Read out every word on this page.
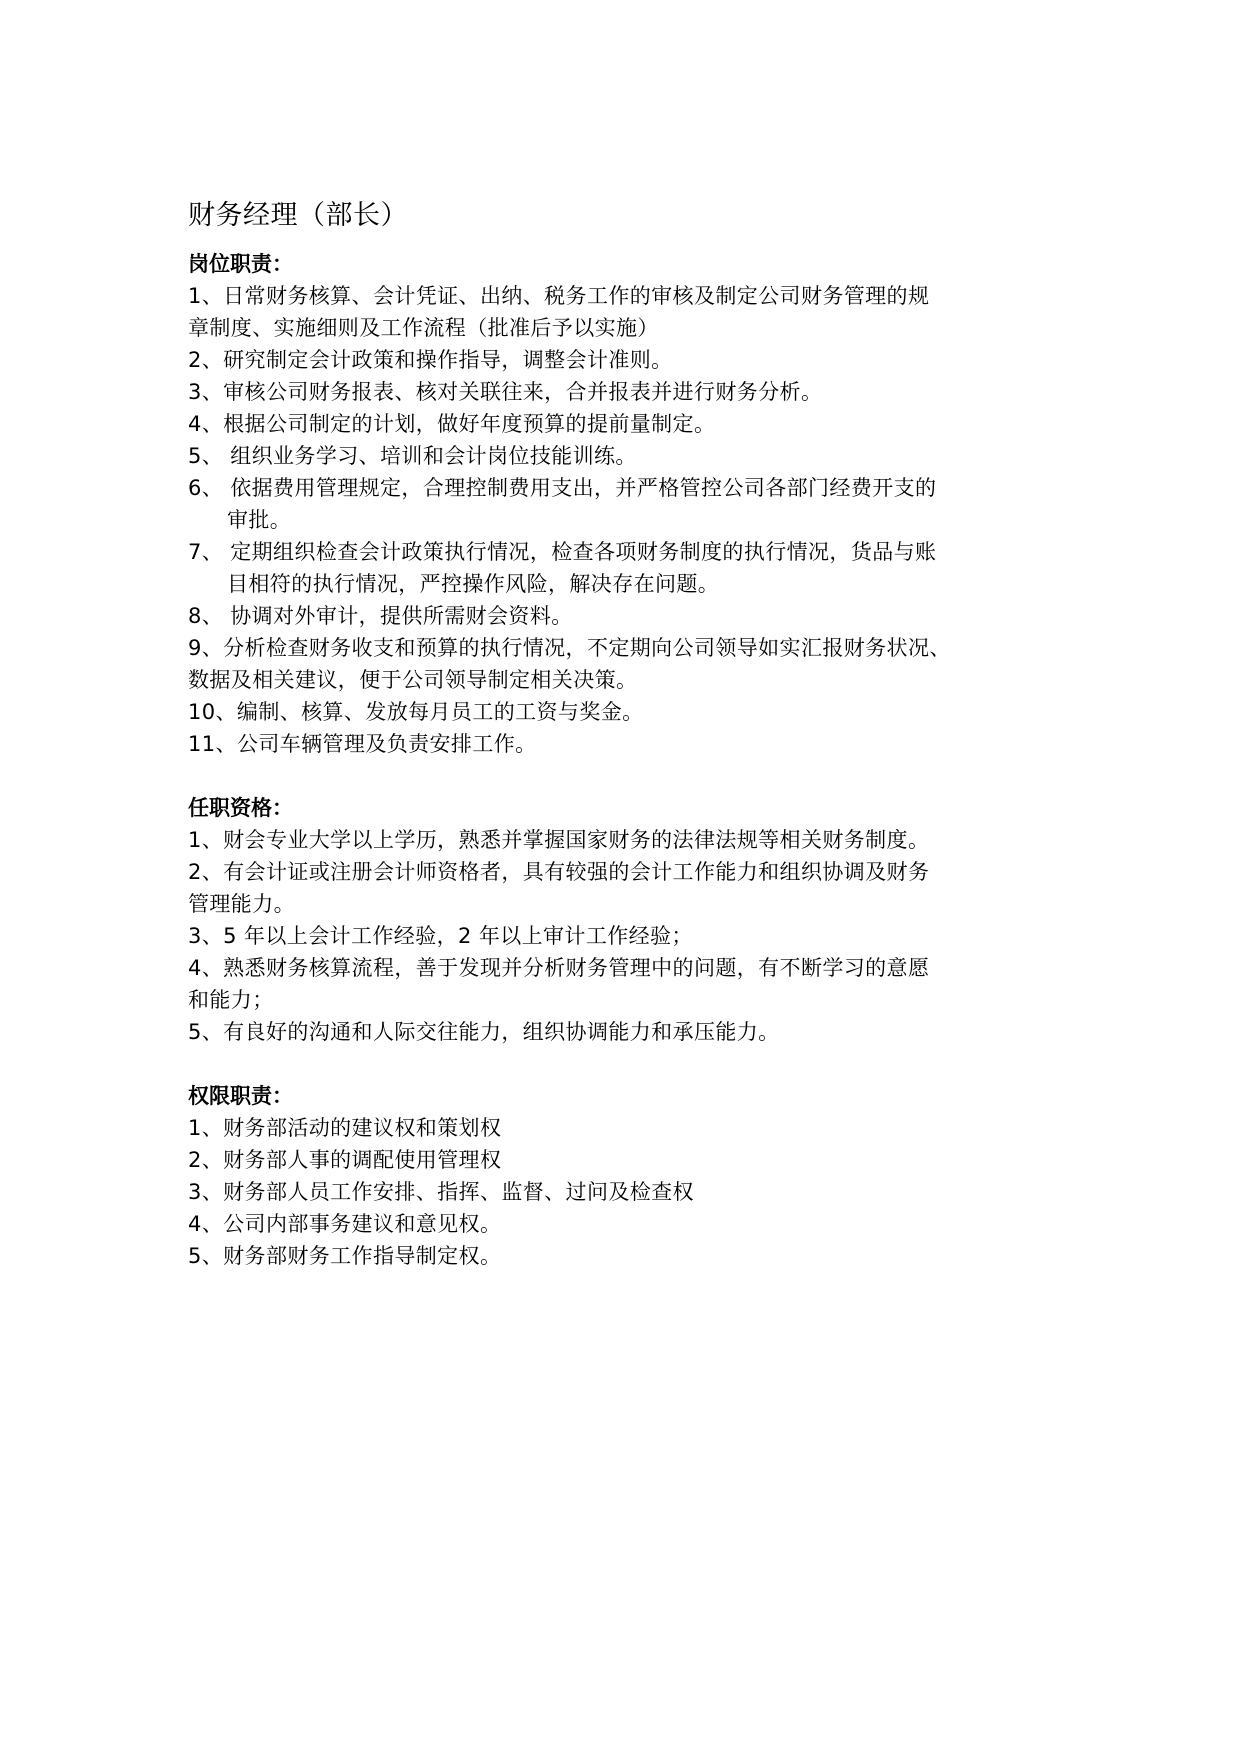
财务经理（部长）
岗位职责：
1、日常财务核算、会计凭证、出纳、税务工作的审核及制定公司财务管理的规
章制度、实施细则及工作流程（批准后予以实施）
2、研究制定会计政策和操作指导，调整会计准则。
3、审核公司财务报表、核对关联往来，合并报表并进行财务分析。
4、根据公司制定的计划，做好年度预算的提前量制定。
5、 组织业务学习、培训和会计岗位技能训练。
6、 依据费用管理规定，合理控制费用支出，并严格管控公司各部门经费开支的
审批。
7、 定期组织检查会计政策执行情况，检查各项财务制度的执行情况，货品与账
目相符的执行情况，严控操作风险，解决存在问题。
8、 协调对外审计，提供所需财会资料。
9、分析检查财务收支和预算的执行情况，不定期向公司领导如实汇报财务状况、
数据及相关建议，便于公司领导制定相关决策。
10、编制、核算、发放每月员工的工资与奖金。
11、公司车辆管理及负责安排工作。
任职资格：
1、财会专业大学以上学历，熟悉并掌握国家财务的法律法规等相关财务制度。
2、有会计证或注册会计师资格者，具有较强的会计工作能力和组织协调及财务
管理能力。
3、5 年以上会计工作经验，2 年以上审计工作经验；
4、熟悉财务核算流程，善于发现并分析财务管理中的问题，有不断学习的意愿
和能力；
5、有良好的沟通和人际交往能力，组织协调能力和承压能力。
权限职责：
1、财务部活动的建议权和策划权
2、财务部人事的调配使用管理权
3、财务部人员工作安排、指挥、监督、过问及检查权
4、公司内部事务建议和意见权。
5、财务部财务工作指导制定权。
